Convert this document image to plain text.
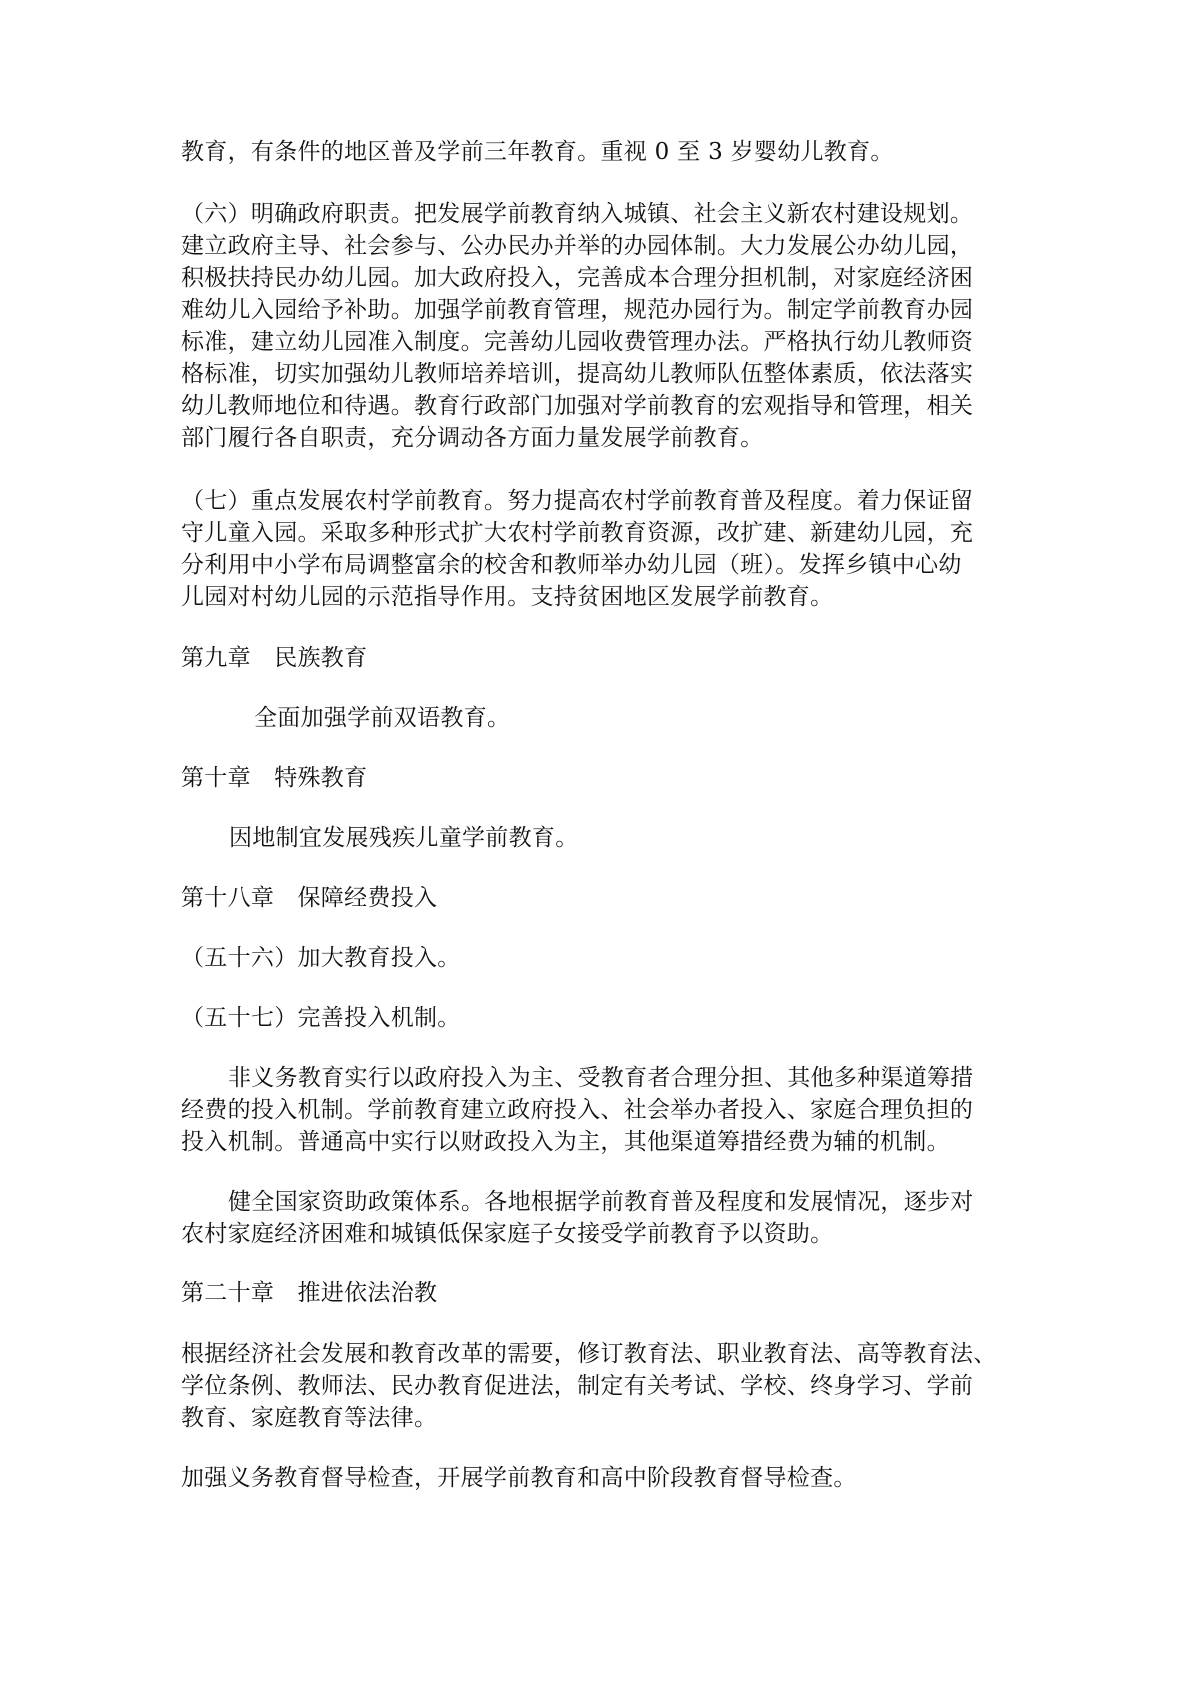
教育，有条件的地区普及学前三年教育。重视 0 至 3 岁婴幼儿教育。
（六）明确政府职责。把发展学前教育纳入城镇、社会主义新农村建设规划。
建立政府主导、社会参与、公办民办并举的办园体制。大力发展公办幼儿园，
积极扶持民办幼儿园。加大政府投入，完善成本合理分担机制，对家庭经济困
难幼儿入园给予补助。加强学前教育管理，规范办园行为。制定学前教育办园
标准，建立幼儿园准入制度。完善幼儿园收费管理办法。严格执行幼儿教师资
格标准，切实加强幼儿教师培养培训，提高幼儿教师队伍整体素质，依法落实
幼儿教师地位和待遇。教育行政部门加强对学前教育的宏观指导和管理，相关
部门履行各自职责，充分调动各方面力量发展学前教育。
（七）重点发展农村学前教育。努力提高农村学前教育普及程度。着力保证留
守儿童入园。采取多种形式扩大农村学前教育资源，改扩建、新建幼儿园，充
分利用中小学布局调整富余的校舍和教师举办幼儿园（班）。发挥乡镇中心幼
儿园对村幼儿园的示范指导作用。支持贫困地区发展学前教育。
第九章　民族教育
全面加强学前双语教育。
第十章　特殊教育
因地制宜发展残疾儿童学前教育。
第十八章　保障经费投入
（五十六）加大教育投入。
（五十七）完善投入机制。
非义务教育实行以政府投入为主、受教育者合理分担、其他多种渠道筹措
经费的投入机制。学前教育建立政府投入、社会举办者投入、家庭合理负担的
投入机制。普通高中实行以财政投入为主，其他渠道筹措经费为辅的机制。
健全国家资助政策体系。各地根据学前教育普及程度和发展情况，逐步对
农村家庭经济困难和城镇低保家庭子女接受学前教育予以资助。
第二十章　推进依法治教
根据经济社会发展和教育改革的需要，修订教育法、职业教育法、高等教育法、
学位条例、教师法、民办教育促进法，制定有关考试、学校、终身学习、学前
教育、家庭教育等法律。
加强义务教育督导检查，开展学前教育和高中阶段教育督导检查。
